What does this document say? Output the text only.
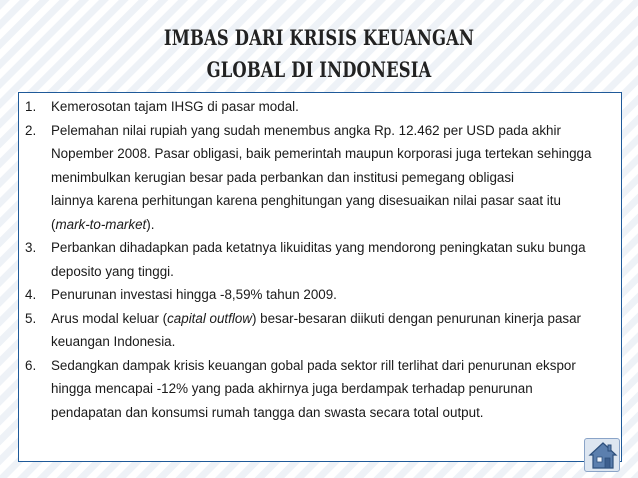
IMBAS DARI KRISIS KEUANGAN
GLOBAL DI INDONESIA
1. Kemerosotan tajam IHSG di pasar modal.
2. Pelemahan nilai rupiah yang sudah menembus angka Rp. 12.462 per USD pada akhir
Nopember 2008. Pasar obligasi, baik pemerintah maupun korporasi juga tertekan sehingga
menimbulkan kerugian besar pada perbankan dan institusi pemegang obligasi
lainnya karena perhitungan karena penghitungan yang disesuaikan nilai pasar saat itu
(mark-to-market).
3. Perbankan dihadapkan pada ketatnya likuiditas yang mendorong peningkatan suku bunga
deposito yang tinggi.
4. Penurunan investasi hingga -8,59% tahun 2009.
5. Arus modal keluar (capital outflow) besar-besaran diikuti dengan penurunan kinerja pasar
keuangan Indonesia.
6. Sedangkan dampak krisis keuangan gobal pada sektor rill terlihat dari penurunan ekspor
hingga mencapai -12% yang pada akhirnya juga berdampak terhadap penurunan
pendapatan dan konsumsi rumah tangga dan swasta secara total output.
